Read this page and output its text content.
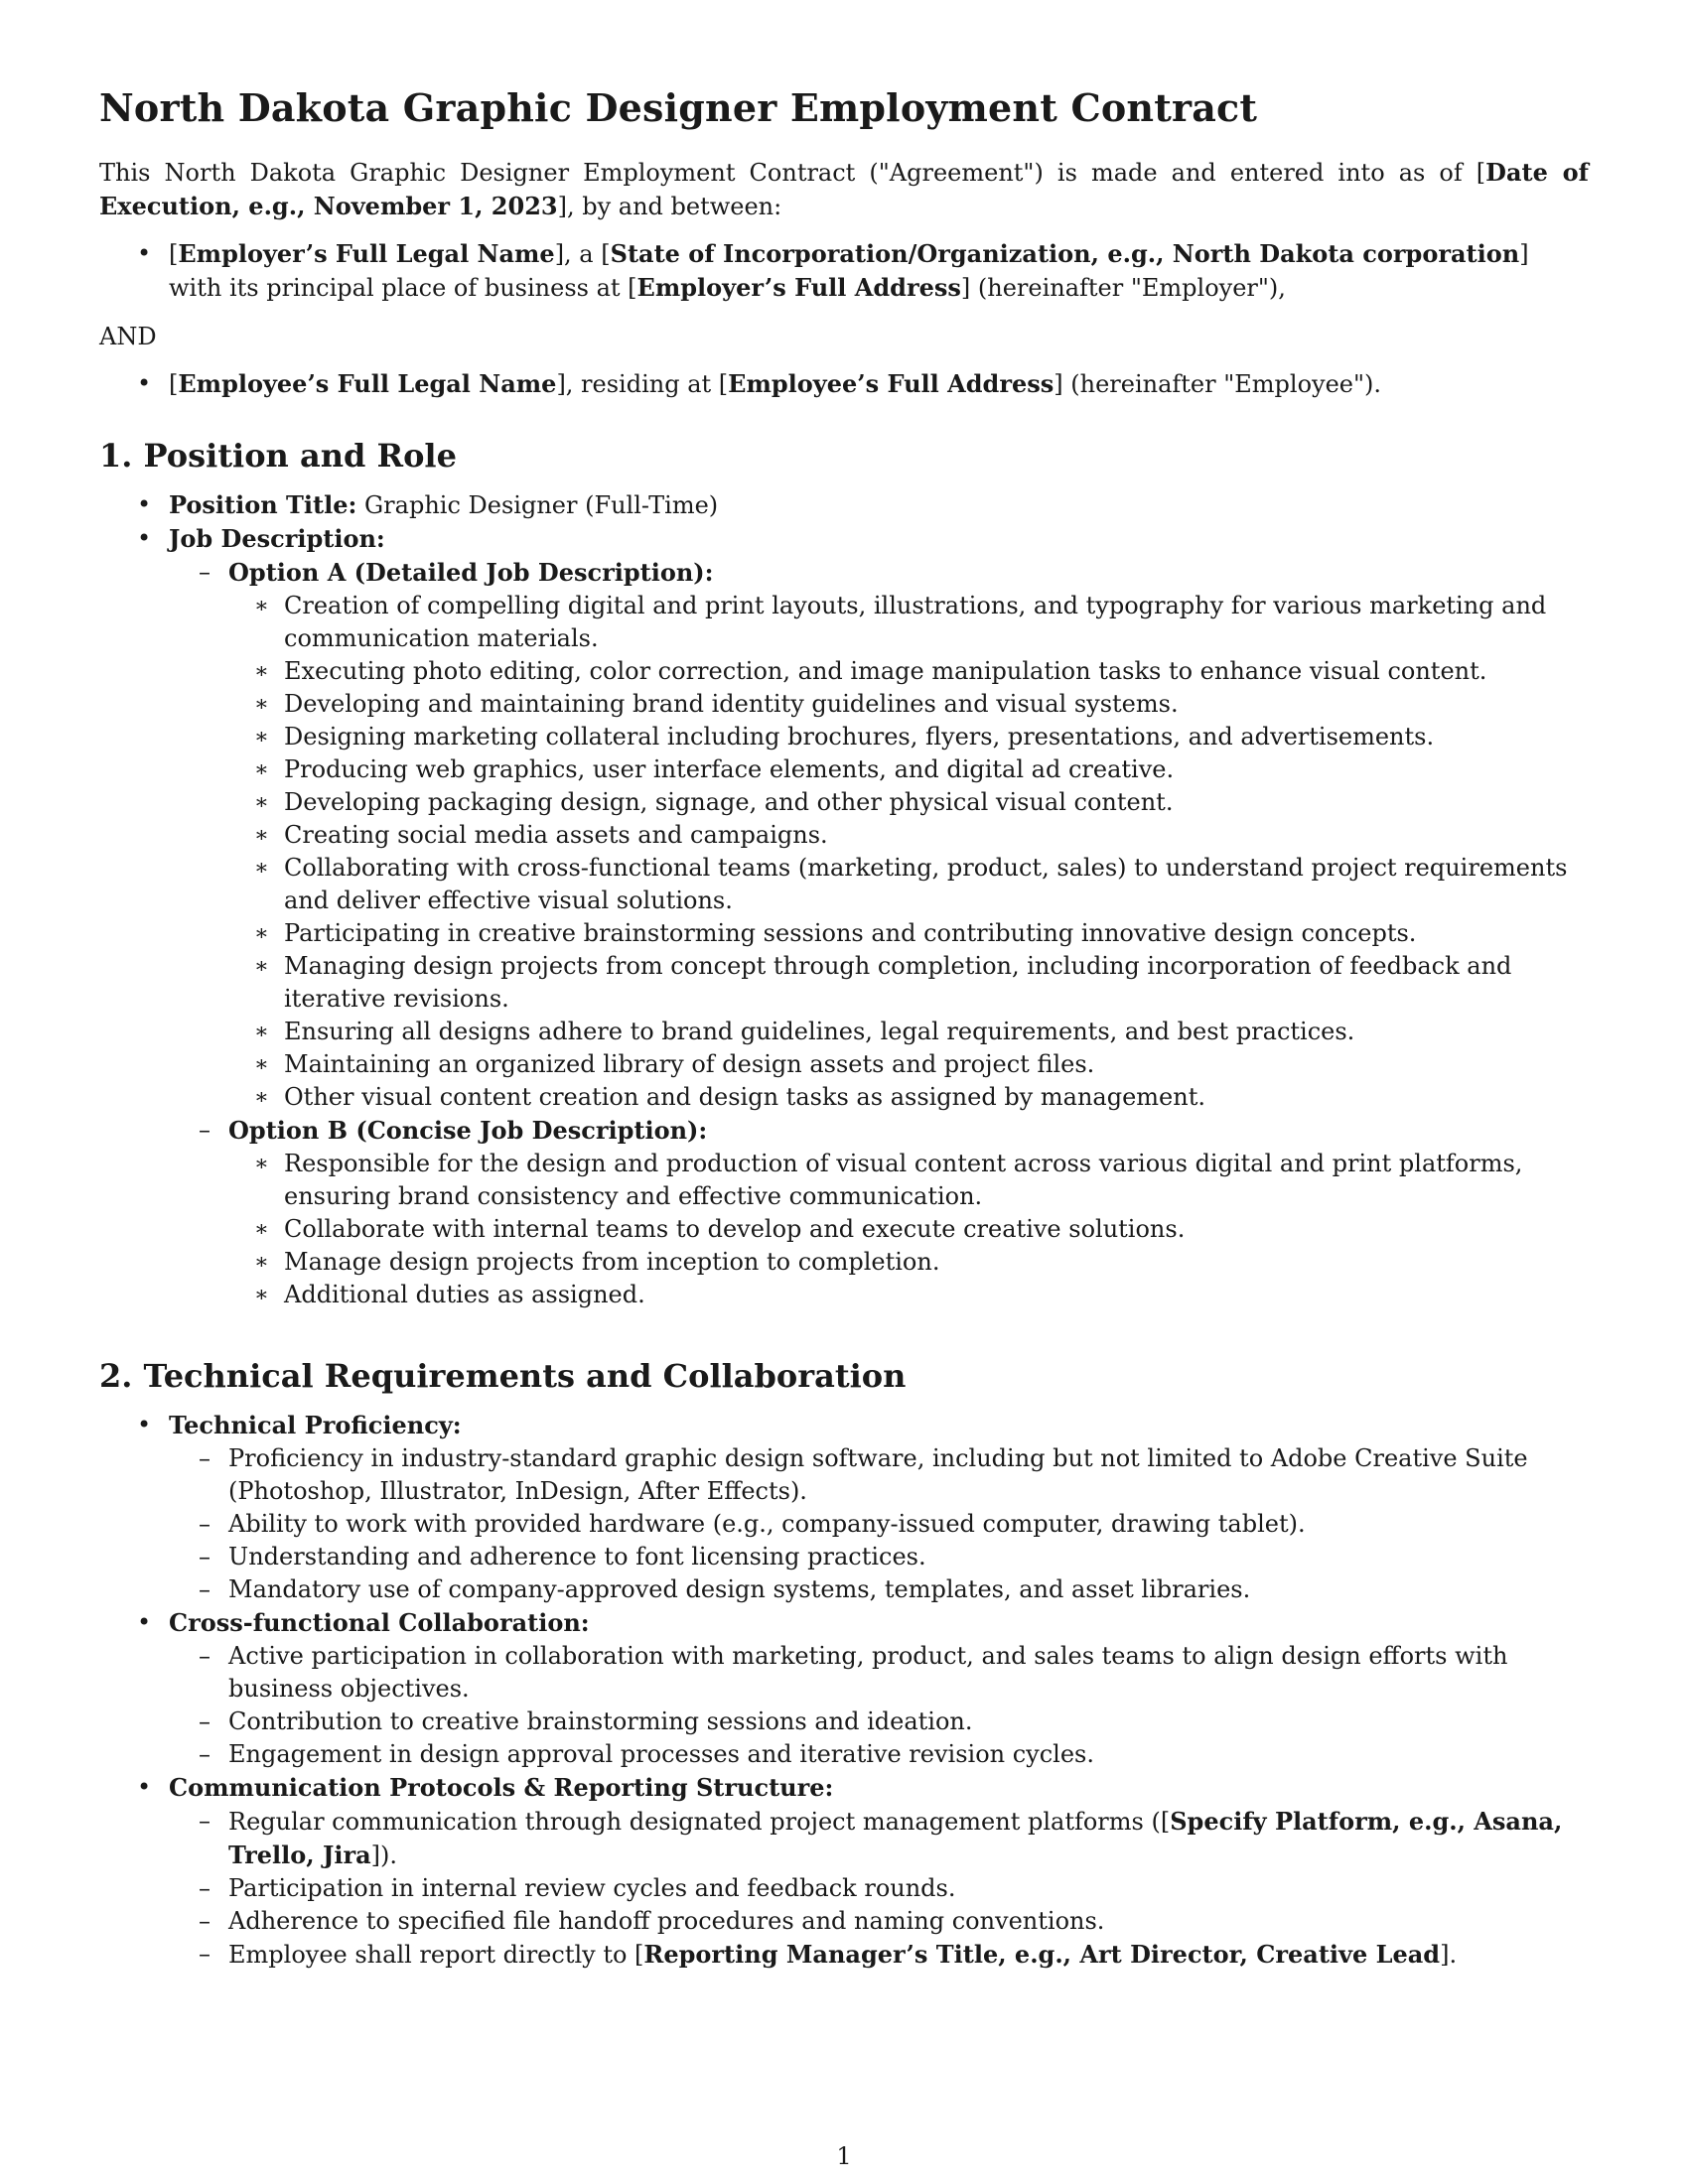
North Dakota Graphic Designer Employment Contract

This North Dakota Graphic Designer Employment Contract ("Agreement") is made and entered into as of [Date of Execution, e.g., November 1, 2023], by and between:

• [Employer’s Full Legal Name], a [State of Incorporation/Organization, e.g., North Dakota corporation] with its principal place of business at [Employer’s Full Address] (hereinafter "Employer"),

AND

• [Employee’s Full Legal Name], residing at [Employee’s Full Address] (hereinafter "Employee").
1. Position and Role
• Position Title: Graphic Designer (Full-Time)
• Job Description:
– Option A (Detailed Job Description):
∗ Creation of compelling digital and print layouts, illustrations, and typography for various marketing and communication materials.
∗ Executing photo editing, color correction, and image manipulation tasks to enhance visual content.
∗ Developing and maintaining brand identity guidelines and visual systems.
∗ Designing marketing collateral including brochures, flyers, presentations, and advertisements.
∗ Producing web graphics, user interface elements, and digital ad creative.
∗ Developing packaging design, signage, and other physical visual content.
∗ Creating social media assets and campaigns.
∗ Collaborating with cross-functional teams (marketing, product, sales) to understand project requirements and deliver effective visual solutions.
∗ Participating in creative brainstorming sessions and contributing innovative design concepts.
∗ Managing design projects from concept through completion, including incorporation of feedback and iterative revisions.
∗ Ensuring all designs adhere to brand guidelines, legal requirements, and best practices.
∗ Maintaining an organized library of design assets and project files.
∗ Other visual content creation and design tasks as assigned by management.
– Option B (Concise Job Description):
∗ Responsible for the design and production of visual content across various digital and print platforms, ensuring brand consistency and effective communication.
∗ Collaborate with internal teams to develop and execute creative solutions.
∗ Manage design projects from inception to completion.
∗ Additional duties as assigned.
2. Technical Requirements and Collaboration
• Technical Proficiency:
– Proficiency in industry-standard graphic design software, including but not limited to Adobe Creative Suite (Photoshop, Illustrator, InDesign, After Effects).
– Ability to work with provided hardware (e.g., company-issued computer, drawing tablet).
– Understanding and adherence to font licensing practices.
– Mandatory use of company-approved design systems, templates, and asset libraries.
• Cross-functional Collaboration:
– Active participation in collaboration with marketing, product, and sales teams to align design efforts with business objectives.
– Contribution to creative brainstorming sessions and ideation.
– Engagement in design approval processes and iterative revision cycles.
• Communication Protocols & Reporting Structure:
– Regular communication through designated project management platforms ([Specify Platform, e.g., Asana, Trello, Jira]).
– Participation in internal review cycles and feedback rounds.
– Adherence to specified file handoff procedures and naming conventions.
– Employee shall report directly to [Reporting Manager’s Title, e.g., Art Director, Creative Lead].
1
